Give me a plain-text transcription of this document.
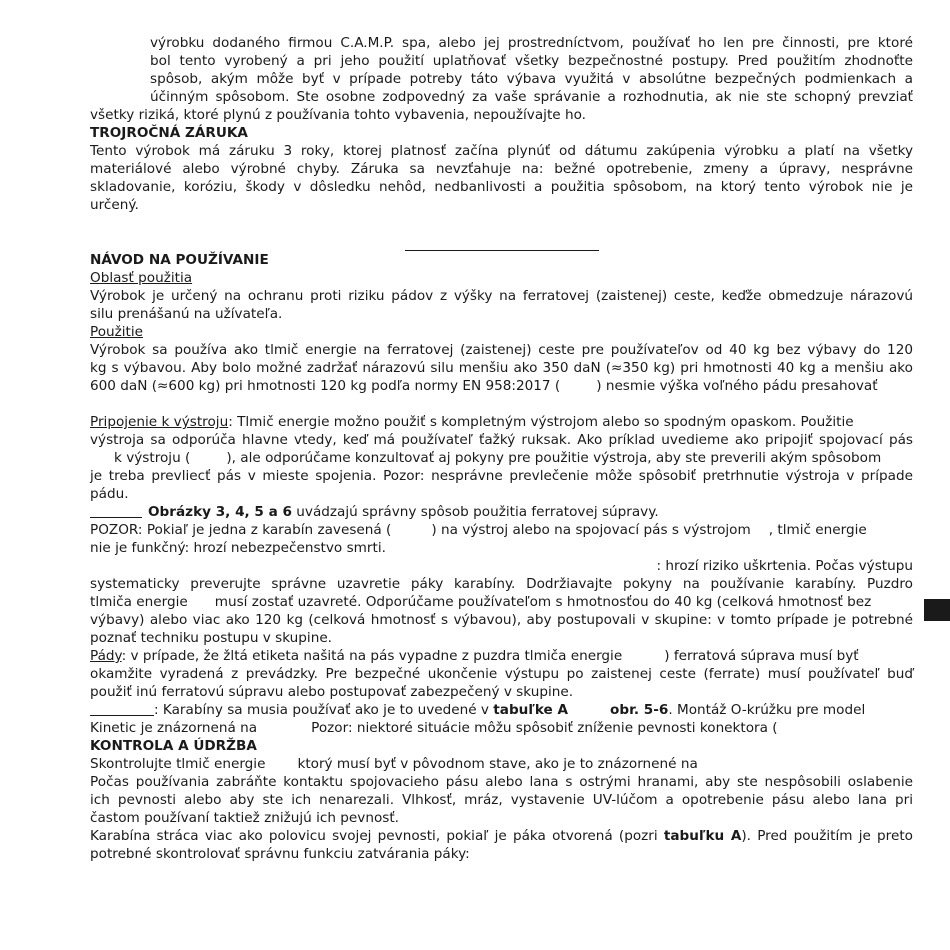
výrobku dodaného firmou C.A.M.P. spa, alebo jej prostredníctvom, používať ho len pre činnosti, pre ktoré
bol tento vyrobený a pri jeho použití uplatňovať všetky bezpečnostné postupy. Pred použitím zhodnoťte
spôsob, akým môže byť v prípade potreby táto výbava využitá v absolútne bezpečných podmienkach a
účinným spôsobom. Ste osobne zodpovedný za vaše správanie a rozhodnutia, ak nie ste schopný prevziať
všetky riziká, ktoré plynú z používania tohto vybavenia, nepoužívajte ho.
TROJROČNÁ ZÁRUKA
Tento výrobok má záruku 3 roky, ktorej platnosť začína plynúť od dátumu zakúpenia výrobku a platí na všetky
materiálové alebo výrobné chyby. Záruka sa nevzťahuje na: bežné opotrebenie, zmeny a úpravy, nesprávne
skladovanie, koróziu, škody v dôsledku nehôd, nedbanlivosti a použitia spôsobom, na ktorý tento výrobok nie je
určený.
NÁVOD NA POUŽÍVANIE
Oblasť použitia
Výrobok je určený na ochranu proti riziku pádov z výšky na ferratovej (zaistenej) ceste, keďže obmedzuje nárazovú
silu prenášanú na užívateľa.
Použitie
Výrobok sa používa ako tlmič energie na ferratovej (zaistenej) ceste pre používateľov od 40 kg bez výbavy do 120
kg s výbavou. Aby bolo možné zadržať nárazovú silu menšiu ako 350 daN (≈350 kg) pri hmotnosti 40 kg a menšiu ako
600 daN (≈600 kg) pri hmotnosti 120 kg podľa normy EN 958:2017 (	) nesmie výška voľného pádu presahovať
Pripojenie k výstroju: Tlmič energie možno použiť s kompletným výstrojom alebo so spodným opaskom. Použitie
výstroja sa odporúča hlavne vtedy, keď má používateľ ťažký ruksak. Ako príklad uvedieme ako pripojiť spojovací pás
k výstroju (	), ale odporúčame konzultovať aj pokyny pre použitie výstroja, aby ste preverili akým spôsobom
je treba prevliecť pás v mieste spojenia. Pozor: nesprávne prevlečenie môže spôsobiť pretrhnutie výstroja v prípade
pádu.
Obrázky 3, 4, 5 a 6 uvádzajú správny spôsob použitia ferratovej súpravy.
POZOR: Pokiaľ je jedna z karabín zavesená (	) na výstroj alebo na spojovací pás s výstrojom , tlmič energie
nie je funkčný: hrozí nebezpečenstvo smrti.
: hrozí riziko uškrtenia. Počas výstupu
systematicky preverujte správne uzavretie páky karabíny. Dodržiavajte pokyny na používanie karabíny. Puzdro
tlmiča energie musí zostať uzavreté. Odporúčame používateľom s hmotnosťou do 40 kg (celková hmotnosť bez
výbavy) alebo viac ako 120 kg (celková hmotnosť s výbavou), aby postupovali v skupine: v tomto prípade je potrebné
poznať techniku postupu v skupine.
Pády: v prípade, že žltá etiketa našitá na pás vypadne z puzdra tlmiča energie	) ferratová súprava musí byť
okamžite vyradená z prevádzky. Pre bezpečné ukončenie výstupu po zaistenej ceste (ferrate) musí používateľ buď
použiť inú ferratovú súpravu alebo postupovať zabezpečený v skupine.
: Karabíny sa musia používať ako je to uvedené v tabuľke A	obr. 5-6. Montáž O-krúžku pre model
Kinetic je znázornená na	Pozor: niektoré situácie môžu spôsobiť zníženie pevnosti konektora (
KONTROLA A ÚDRŽBA
Skontrolujte tlmič energie ktorý musí byť v pôvodnom stave, ako je to znázornené na
Počas používania zabráňte kontaktu spojovacieho pásu alebo lana s ostrými hranami, aby ste nespôsobili oslabenie
ich pevnosti alebo aby ste ich nenarezali. Vlhkosť, mráz, vystavenie UV-lúčom a opotrebenie pásu alebo lana pri
častom používaní taktiež znižujú ich pevnosť.
Karabína stráca viac ako polovicu svojej pevnosti, pokiaľ je páka otvorená (pozri tabuľku A). Pred použitím je preto
potrebné skontrolovať správnu funkciu zatvárania páky:
